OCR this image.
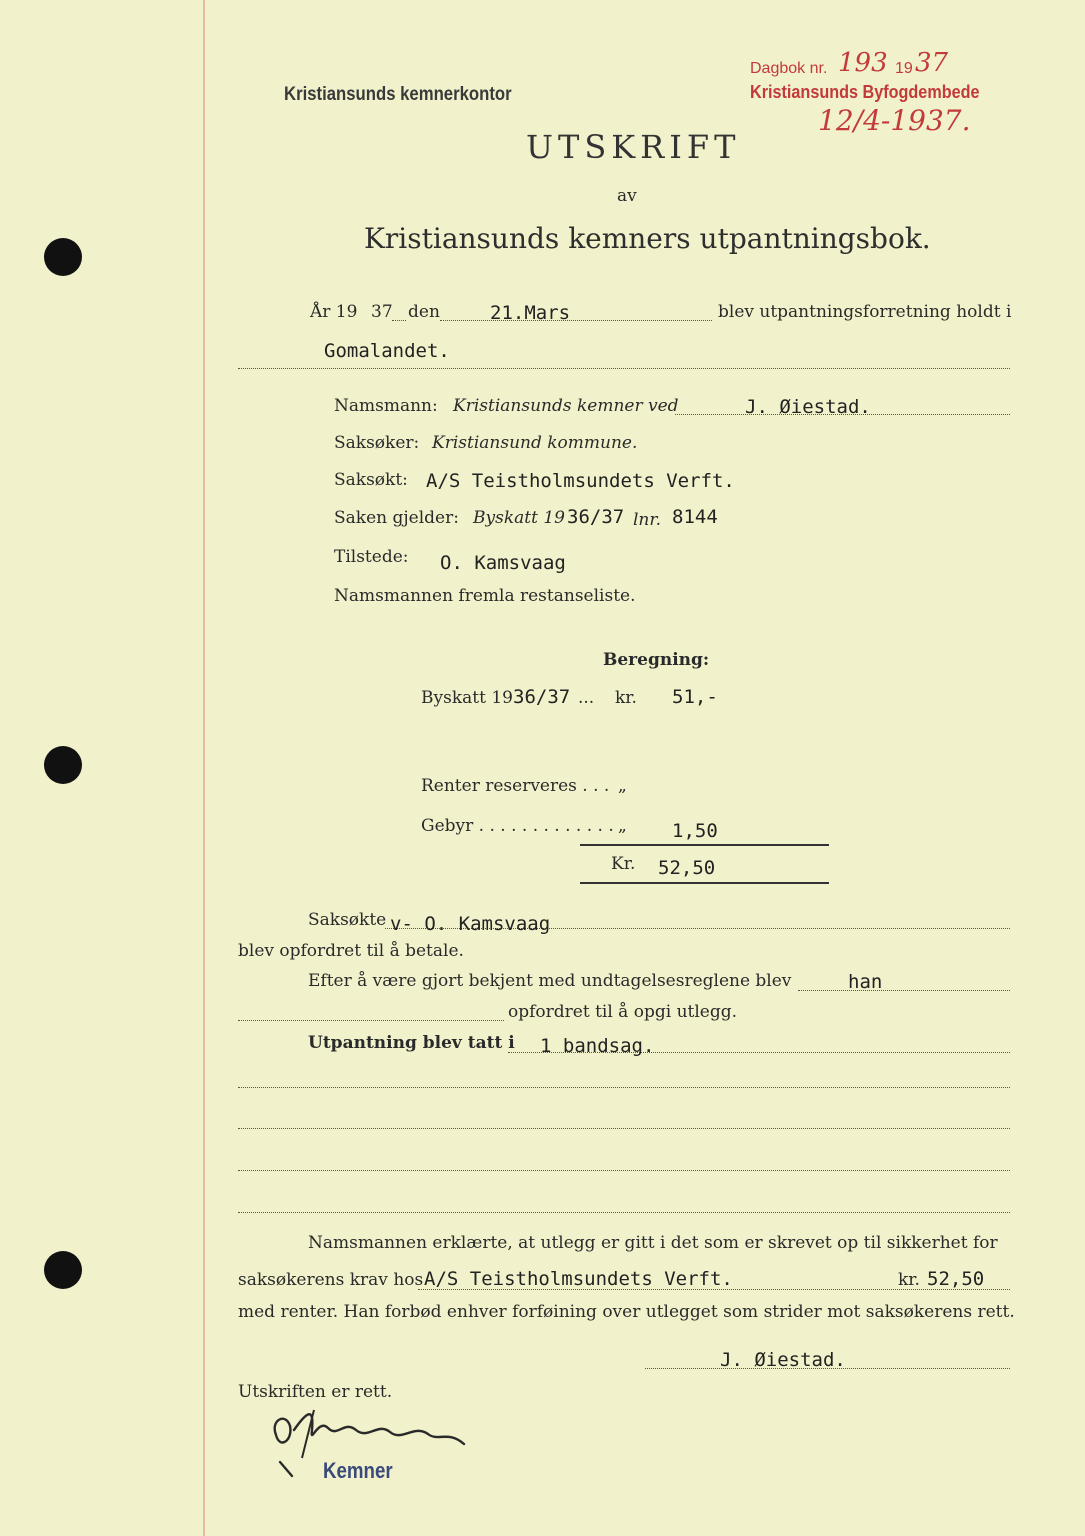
Kristiansunds kemnerkontor
Dagbok nr. 193 19 37
Kristiansunds Byfogdembede
12/4-1937.
UTSKRIFT
av
Kristiansunds kemners utpantningsbok.
År 19 37 den	21.Mars	blev utpantningsforretning holdt i
Gomalandet.
Namsmann: Kristiansunds kemner ved	J. Øiestad.
Saksøker: Kristiansund kommune.
Saksøkt: A/S Teistholmsundets Verft.
Saken gjelder: Byskatt 19 36/37 lnr. 8144
Tilstede: O. Kamsvaag
Namsmannen fremla restanseliste.
Beregning:
Byskatt 19 36/37 ... kr. 51,-
Renter reserveres . . . „
Gebyr . . . . . . . . . . . . . „ 1,50
Kr. 52,50
Saksøkte v- O. Kamsvaag
blev opfordret til å betale.
Efter å være gjort bekjent med undtagelsesreglene blev	han
opfordret til å opgi utlegg.
Utpantning blev tatt i 1 bandsag.
Namsmannen erklærte, at utlegg er gitt i det som er skrevet op til sikkerhet for
saksøkerens krav hos A/S Teistholmsundets Verft.	kr. 52,50
med renter. Han forbød enhver forføining over utlegget som strider mot saksøkerens rett.
J. Øiestad.
Utskriften er rett.
Kemner
